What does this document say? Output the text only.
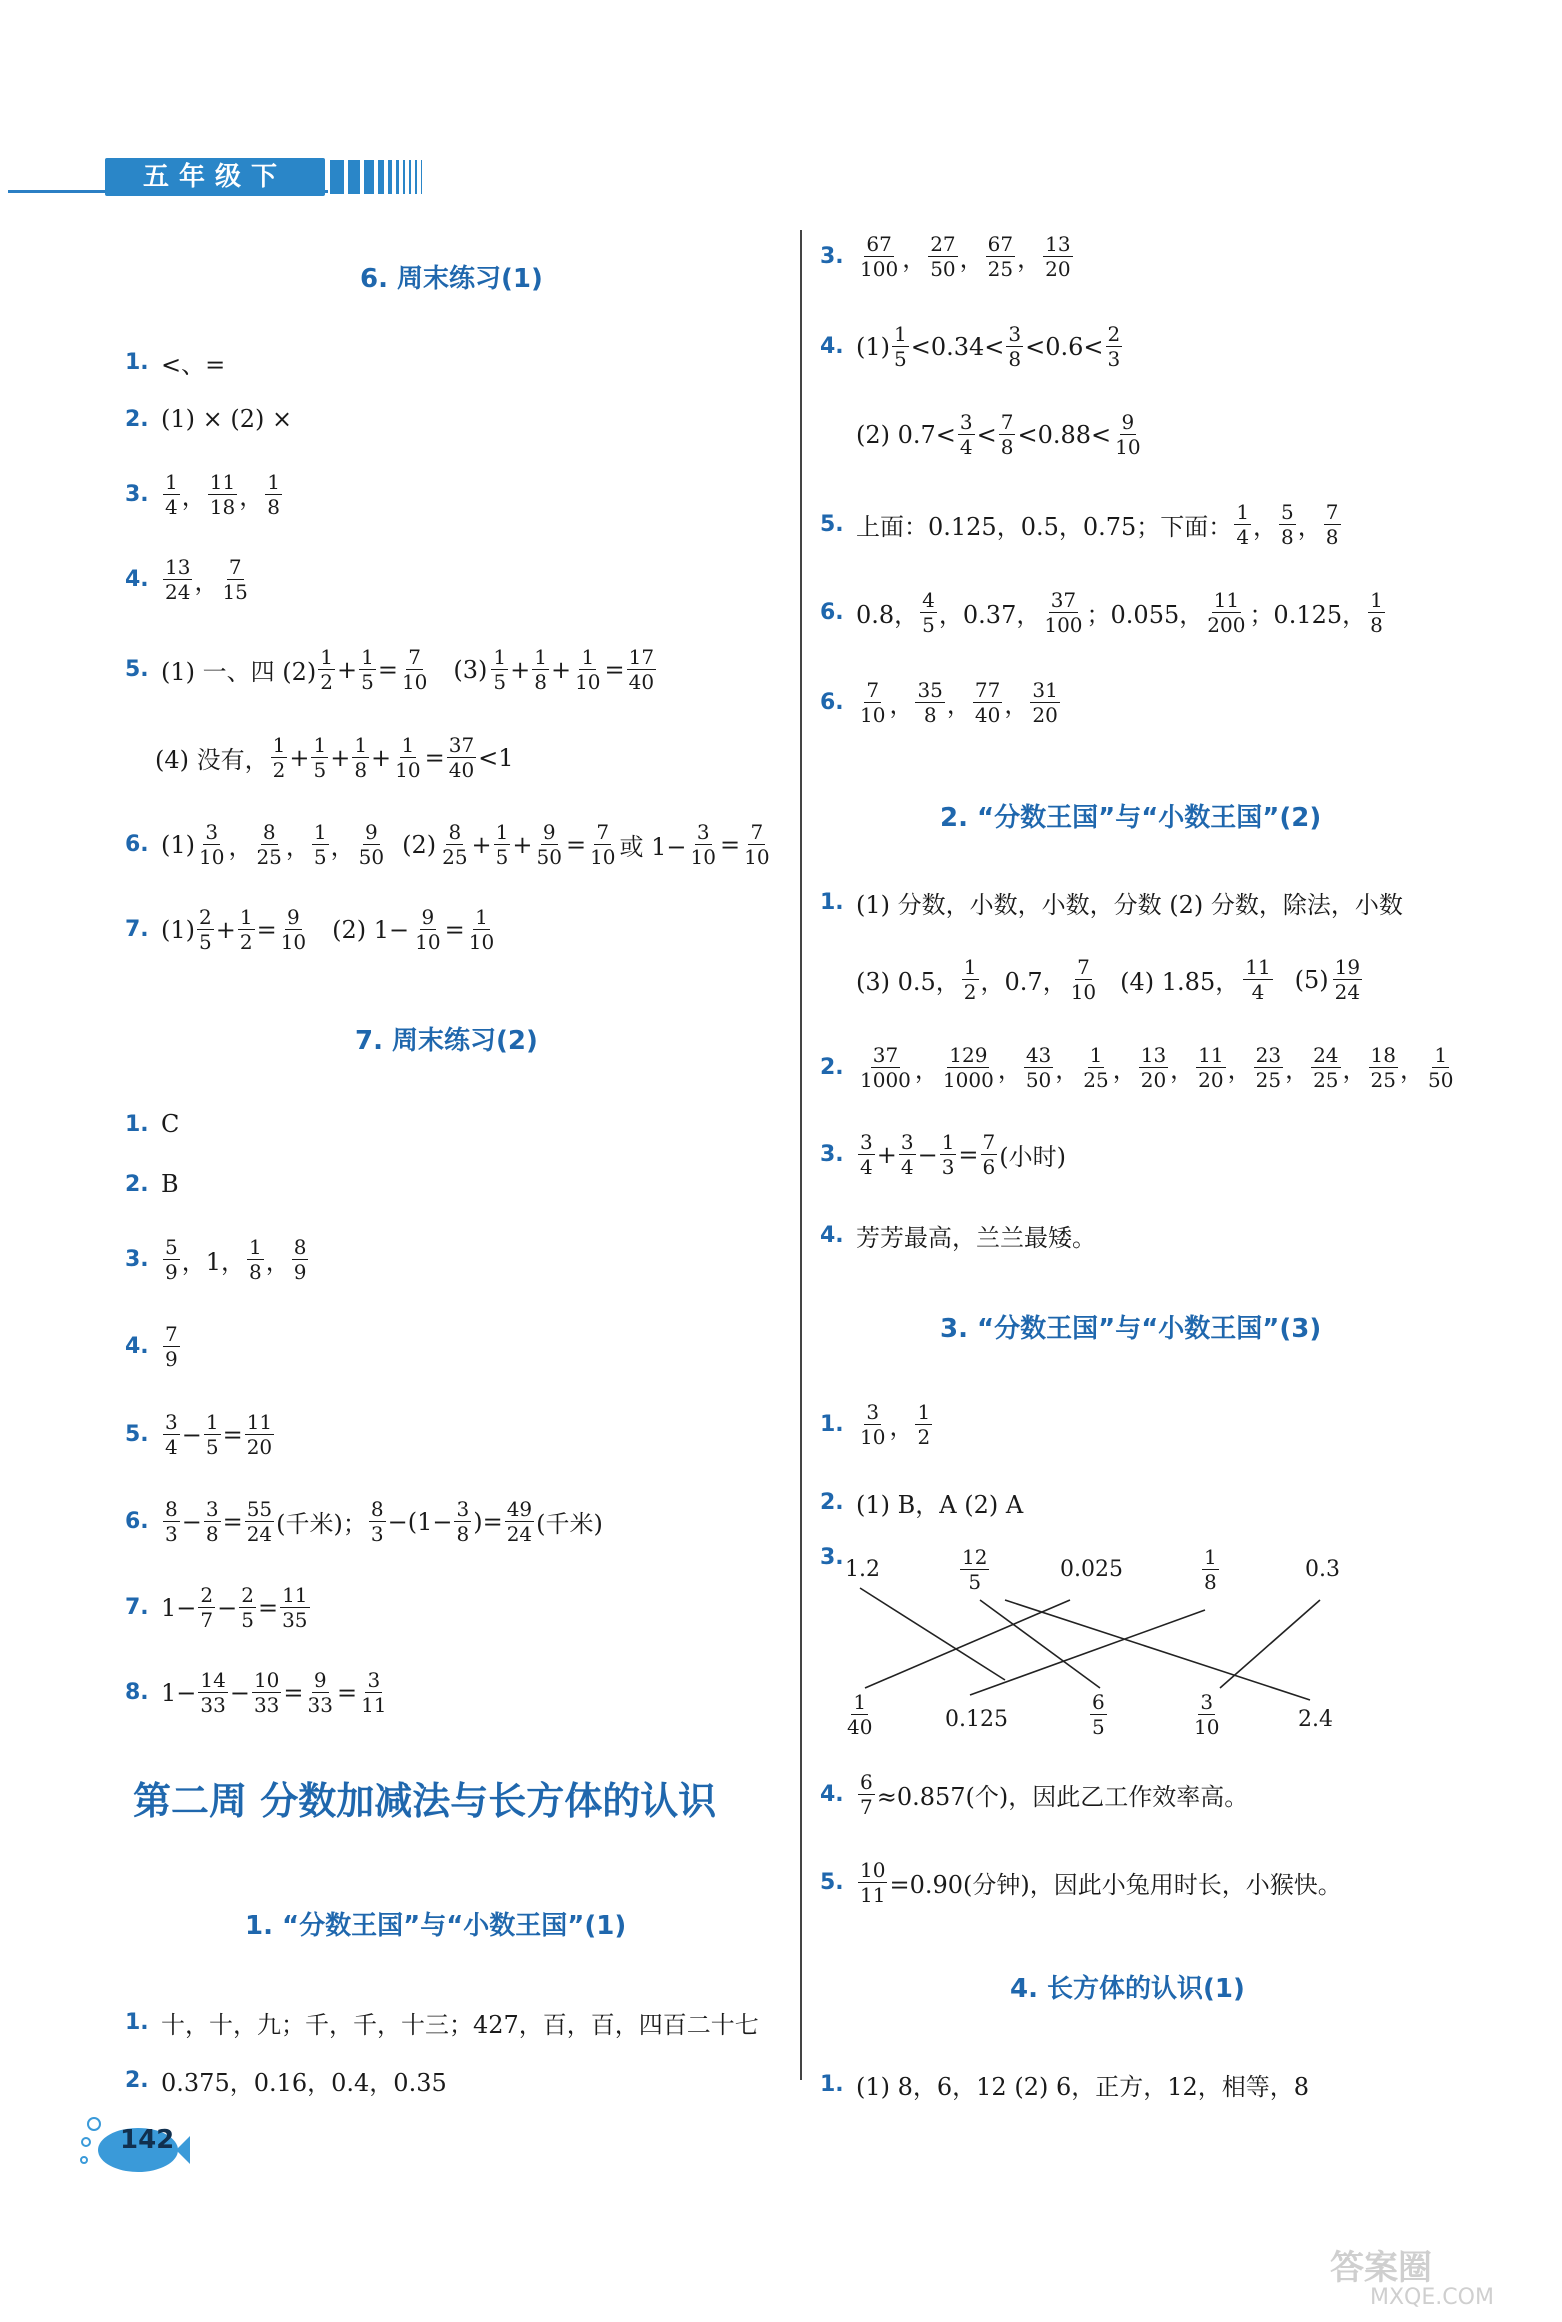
五年级下
6. 周末练习(1)
1. <、=
2. (1) × (2) ×
3. $\frac{1}{4}$ ， $\frac{11}{18}$ ， $\frac{1}{8}$
4. $\frac{13}{24}$ ， $\frac{7}{15}$
5. (1) 一、四 $(2) \frac{1}{2} + \frac{1}{5} = \frac{7}{10} (3) \frac{1}{5} + \frac{1}{8} + \frac{1}{10} = \frac{17}{40}$
(4) 没有， $\frac{1}{2} + \frac{1}{5} + \frac{1}{8} + \frac{1}{10} = \frac{37}{40} <1$
6. $(1) \frac{3}{10}$ ， $\frac{8}{25}$ ， $\frac{1}{5}$ ， $\frac{9}{50} (2) \frac{8}{25} + \frac{1}{5} + \frac{9}{50} = \frac{7}{10}$ 或 $1- \frac{3}{10} = \frac{7}{10}$
7. $(1) \frac{2}{5} + \frac{1}{2} = \frac{9}{10} (2)$ $1- \frac{9}{10} = \frac{1}{10}$
7. 周末练习(2)
1. C
2. B
3. $\frac{5}{9}$ ，1， $\frac{1}{8}$ ， $\frac{8}{9}$
4. $\frac{7}{9}$
5. $\frac{3}{4} - \frac{1}{5} = \frac{11}{20}$
6. $\frac{8}{3} - \frac{3}{8} = \frac{55}{24}$ (千米)； $\frac{8}{3} -(1- \frac{3}{8}$ )= $\frac{49}{24}$ (千米)
7. $1- \frac{2}{7} - \frac{2}{5} = \frac{11}{35}$
8. $1- \frac{14}{33} - \frac{10}{33} = \frac{9}{33} = \frac{3}{11}$
第二周 分数加减法与长方体的认识
1. “分数王国”与“小数王国”(1)
1. 十，十，九；千，千，十三；427，百，百，四百二十七
2. 0.375，0.16，0.4，0.35
142
3. $\frac{67}{100}$ ， $\frac{27}{50}$ ， $\frac{67}{25}$ ， $\frac{13}{20}$
4. $(1) \frac{1}{5} <0.34< \frac{3}{8} <0.6< \frac{2}{3}$
(2) $0.7< \frac{3}{4} < \frac{7}{8} <0.88< \frac{9}{10}$
5. 上面：0.125，0.5，0.75；下面： $\frac{1}{4}$ ， $\frac{5}{8}$ ， $\frac{7}{8}$
6. 0.8， $\frac{4}{5}$ ，0.37， $\frac{37}{100}$ ；0.055， $\frac{11}{200}$ ；0.125， $\frac{1}{8}$
6. $\frac{7}{10}$ ， $\frac{35}{8}$ ， $\frac{77}{40}$ ， $\frac{31}{20}$
2. “分数王国”与“小数王国”(2)
1. (1) 分数，小数，小数，分数 (2) 分数，除法，小数
(3) 0.5， $\frac{1}{2}$ ，0.7， $\frac{7}{10} (4)$ 1.85， $\frac{11}{4} (5) \frac{19}{24}$
2. $\frac{37}{1000}$ ， $\frac{129}{1000}$ ， $\frac{43}{50}$ ， $\frac{1}{25}$ ， $\frac{13}{20}$ ， $\frac{11}{20}$ ， $\frac{23}{25}$ ， $\frac{24}{25}$ ， $\frac{18}{25}$ ， $\frac{1}{50}$
3. $\frac{3}{4} + \frac{3}{4} - \frac{1}{3} = \frac{7}{6}$ (小时)
4. 芳芳最高，兰兰最矮。
3. “分数王国”与“小数王国”(3)
1. $\frac{3}{10}$ ， $\frac{1}{2}$
2. (1) B，A (2) A
3. 1.2	$\frac{12}{5}$	0.025	$\frac{1}{8}$	0.3
$\frac{1}{40}$	0.125	$\frac{6}{5}$	$\frac{3}{10}$	2.4
4. $\frac{6}{7} \approx 0.857$(个)，因此乙工作效率高。
5. $\frac{10}{11} =0.90$(分钟)，因此小兔用时长，小猴快。
4. 长方体的认识(1)
1. (1) 8，6，12 (2) 6，正方，12，相等，8
答案圈
MXQE.COM
